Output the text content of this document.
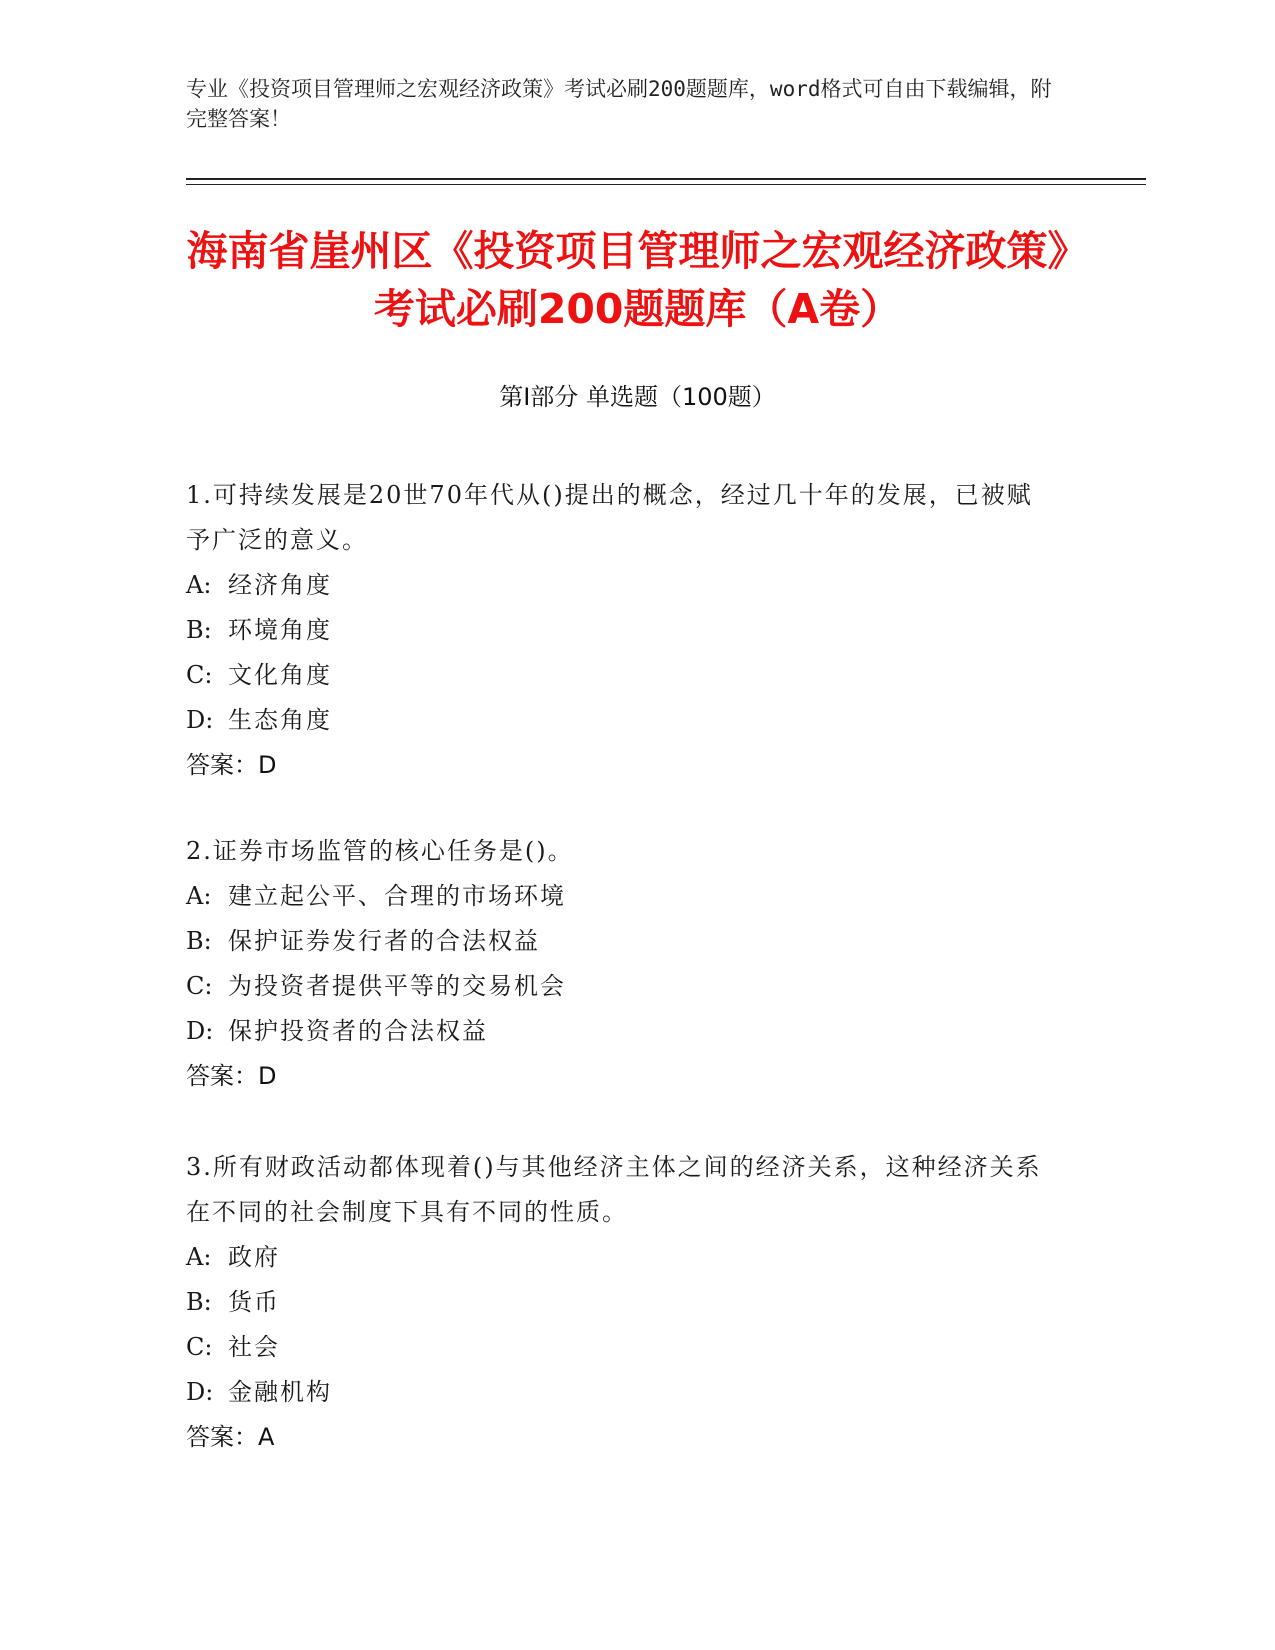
专业《投资项目管理师之宏观经济政策》考试必刷200题题库，word格式可自由下载编辑，附完整答案！
海南省崖州区《投资项目管理师之宏观经济政策》考试必刷200题题库（A卷）
第Ⅰ部分 单选题（100题）
1.可持续发展是20世70年代从()提出的概念，经过几十年的发展，已被赋予广泛的意义。
A: 经济角度
B: 环境角度
C: 文化角度
D: 生态角度
答案：D
2.证券市场监管的核心任务是()。
A: 建立起公平、合理的市场环境
B: 保护证券发行者的合法权益
C: 为投资者提供平等的交易机会
D: 保护投资者的合法权益
答案：D
3.所有财政活动都体现着()与其他经济主体之间的经济关系，这种经济关系在不同的社会制度下具有不同的性质。
A: 政府
B: 货币
C: 社会
D: 金融机构
答案：A
